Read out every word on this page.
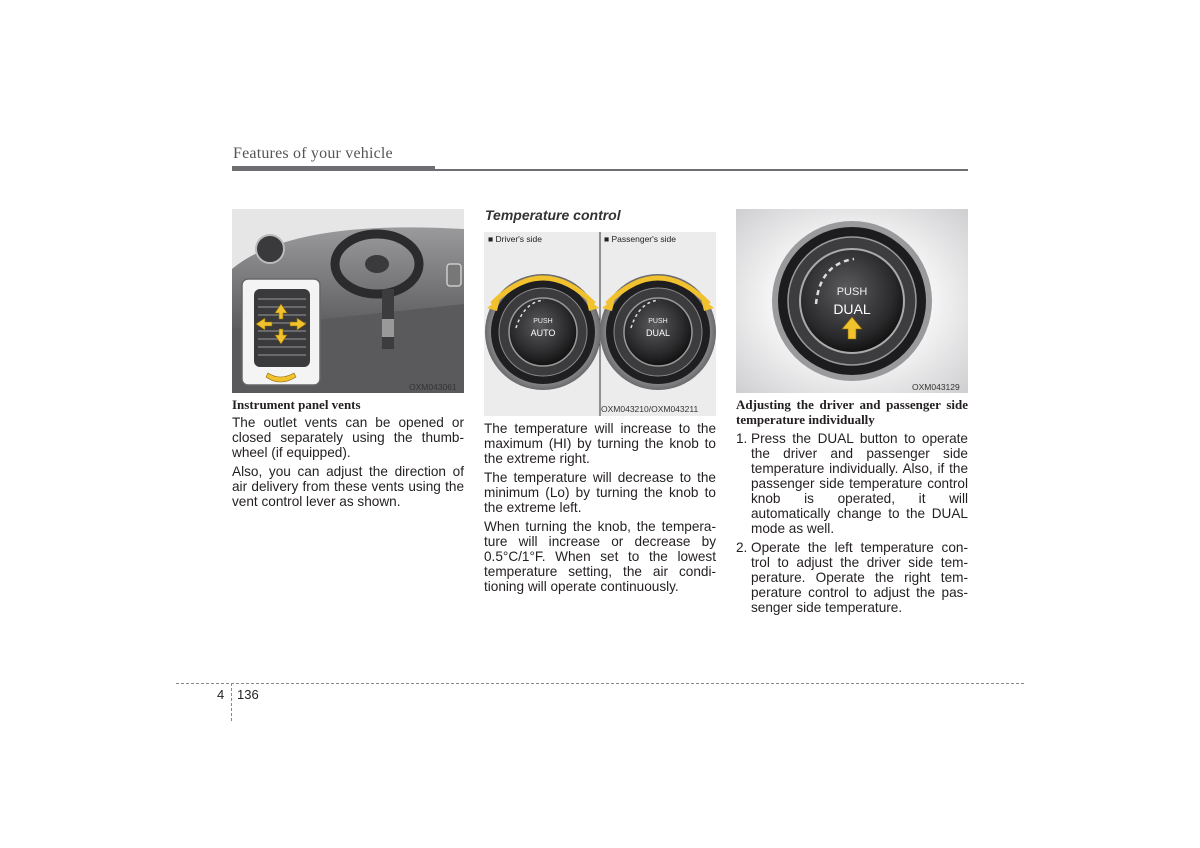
Features of your vehicle
OXM043061
Instrument panel vents

The outlet vents can be opened or closed separately using the thumb-wheel (if equipped).

Also, you can adjust the direction of air delivery from these vents using the vent control lever as shown.

Temperature control
■ Driver's side	■ Passenger's side
PUSH
AUTO
PUSH
DUAL
OXM043210/OXM043211

The temperature will increase to the maximum (HI) by turning the knob to the extreme right.

The temperature will decrease to the minimum (Lo) by turning the knob to the extreme left.

When turning the knob, the tempera-ture will increase or decrease by 0.5°C/1°F. When set to the lowest temperature setting, the air condi-tioning will operate continuously.

PUSH
DUAL
OXM043129
Adjusting the driver and passenger side temperature individually
1. Press the DUAL button to operate the driver and passenger side temperature individually. Also, if the passenger side temperature control knob is operated, it will automatically change to the DUAL mode as well.
2. Operate the left temperature con-trol to adjust the driver side tem-perature. Operate the right tem-perature control to adjust the pas-senger side temperature.
4 136
